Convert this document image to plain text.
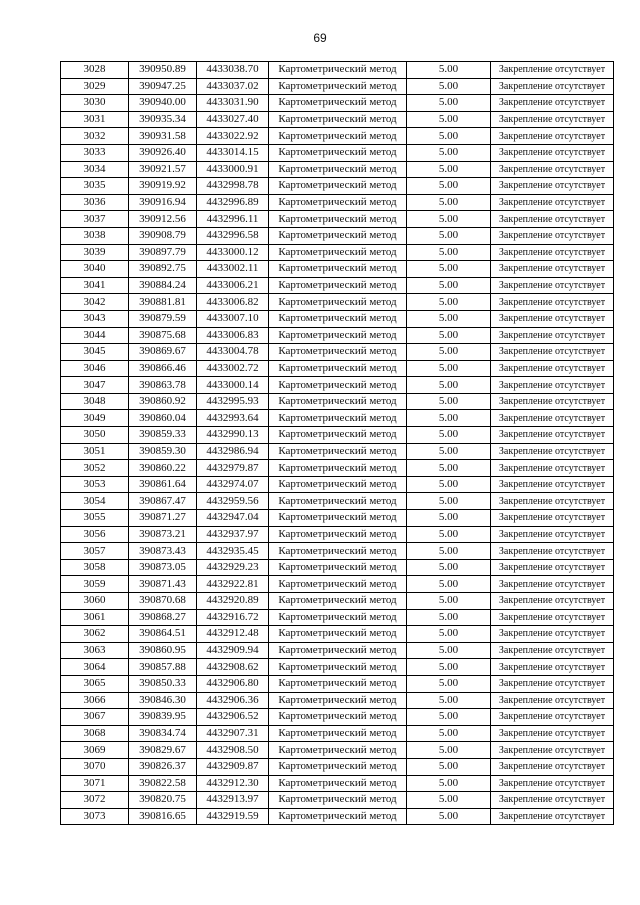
69
3028	390950.89	4433038.70	Картометрический метод	5.00	Закрепление отсутствует
3029	390947.25	4433037.02	Картометрический метод	5.00	Закрепление отсутствует
3030	390940.00	4433031.90	Картометрический метод	5.00	Закрепление отсутствует
3031	390935.34	4433027.40	Картометрический метод	5.00	Закрепление отсутствует
3032	390931.58	4433022.92	Картометрический метод	5.00	Закрепление отсутствует
3033	390926.40	4433014.15	Картометрический метод	5.00	Закрепление отсутствует
3034	390921.57	4433000.91	Картометрический метод	5.00	Закрепление отсутствует
3035	390919.92	4432998.78	Картометрический метод	5.00	Закрепление отсутствует
3036	390916.94	4432996.89	Картометрический метод	5.00	Закрепление отсутствует
3037	390912.56	4432996.11	Картометрический метод	5.00	Закрепление отсутствует
3038	390908.79	4432996.58	Картометрический метод	5.00	Закрепление отсутствует
3039	390897.79	4433000.12	Картометрический метод	5.00	Закрепление отсутствует
3040	390892.75	4433002.11	Картометрический метод	5.00	Закрепление отсутствует
3041	390884.24	4433006.21	Картометрический метод	5.00	Закрепление отсутствует
3042	390881.81	4433006.82	Картометрический метод	5.00	Закрепление отсутствует
3043	390879.59	4433007.10	Картометрический метод	5.00	Закрепление отсутствует
3044	390875.68	4433006.83	Картометрический метод	5.00	Закрепление отсутствует
3045	390869.67	4433004.78	Картометрический метод	5.00	Закрепление отсутствует
3046	390866.46	4433002.72	Картометрический метод	5.00	Закрепление отсутствует
3047	390863.78	4433000.14	Картометрический метод	5.00	Закрепление отсутствует
3048	390860.92	4432995.93	Картометрический метод	5.00	Закрепление отсутствует
3049	390860.04	4432993.64	Картометрический метод	5.00	Закрепление отсутствует
3050	390859.33	4432990.13	Картометрический метод	5.00	Закрепление отсутствует
3051	390859.30	4432986.94	Картометрический метод	5.00	Закрепление отсутствует
3052	390860.22	4432979.87	Картометрический метод	5.00	Закрепление отсутствует
3053	390861.64	4432974.07	Картометрический метод	5.00	Закрепление отсутствует
3054	390867.47	4432959.56	Картометрический метод	5.00	Закрепление отсутствует
3055	390871.27	4432947.04	Картометрический метод	5.00	Закрепление отсутствует
3056	390873.21	4432937.97	Картометрический метод	5.00	Закрепление отсутствует
3057	390873.43	4432935.45	Картометрический метод	5.00	Закрепление отсутствует
3058	390873.05	4432929.23	Картометрический метод	5.00	Закрепление отсутствует
3059	390871.43	4432922.81	Картометрический метод	5.00	Закрепление отсутствует
3060	390870.68	4432920.89	Картометрический метод	5.00	Закрепление отсутствует
3061	390868.27	4432916.72	Картометрический метод	5.00	Закрепление отсутствует
3062	390864.51	4432912.48	Картометрический метод	5.00	Закрепление отсутствует
3063	390860.95	4432909.94	Картометрический метод	5.00	Закрепление отсутствует
3064	390857.88	4432908.62	Картометрический метод	5.00	Закрепление отсутствует
3065	390850.33	4432906.80	Картометрический метод	5.00	Закрепление отсутствует
3066	390846.30	4432906.36	Картометрический метод	5.00	Закрепление отсутствует
3067	390839.95	4432906.52	Картометрический метод	5.00	Закрепление отсутствует
3068	390834.74	4432907.31	Картометрический метод	5.00	Закрепление отсутствует
3069	390829.67	4432908.50	Картометрический метод	5.00	Закрепление отсутствует
3070	390826.37	4432909.87	Картометрический метод	5.00	Закрепление отсутствует
3071	390822.58	4432912.30	Картометрический метод	5.00	Закрепление отсутствует
3072	390820.75	4432913.97	Картометрический метод	5.00	Закрепление отсутствует
3073	390816.65	4432919.59	Картометрический метод	5.00	Закрепление отсутствует
